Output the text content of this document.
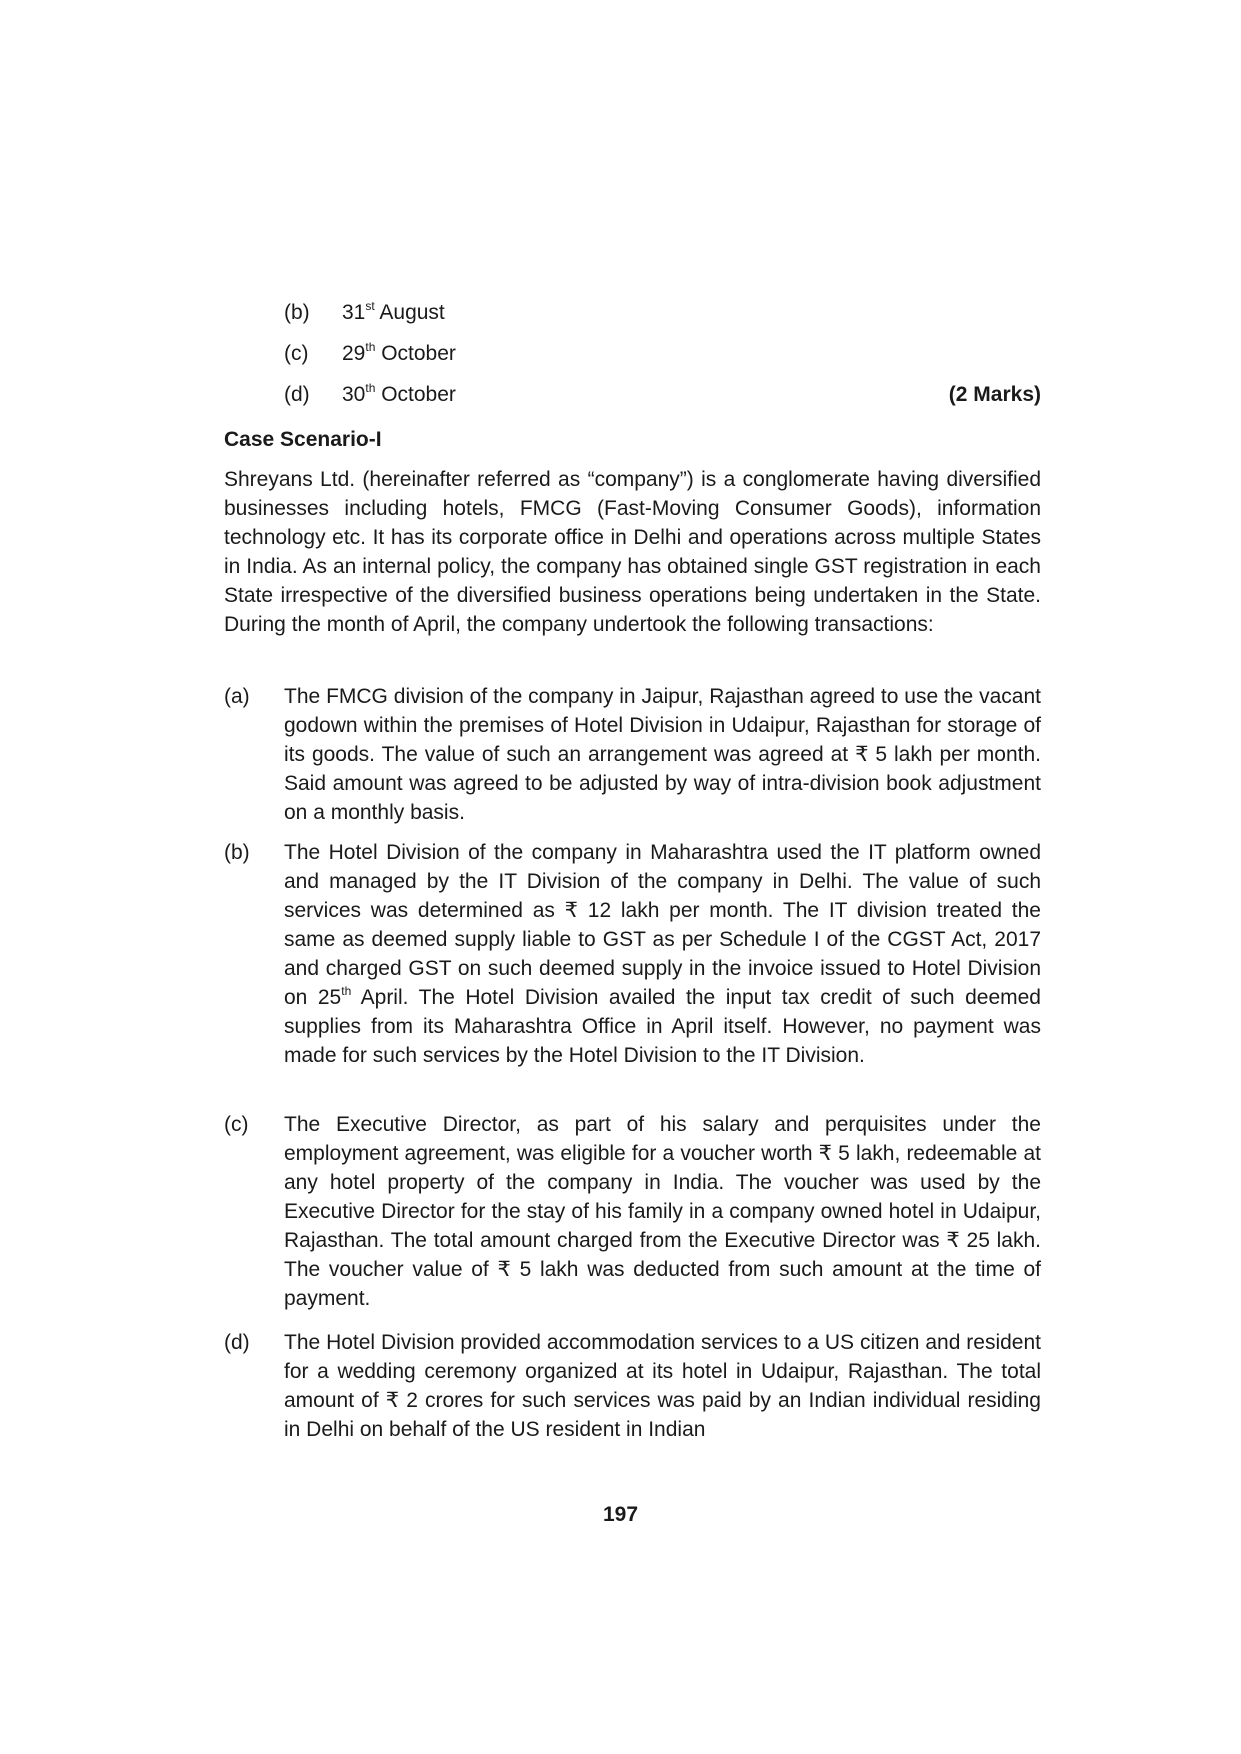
(b) 31st August
(c) 29th October
(d) 30th October	(2 Marks)
Case Scenario-I
Shreyans Ltd. (hereinafter referred as “company”) is a conglomerate having diversified businesses including hotels, FMCG (Fast-Moving Consumer Goods), information technology etc. It has its corporate office in Delhi and operations across multiple States in India. As an internal policy, the company has obtained single GST registration in each State irrespective of the diversified business operations being undertaken in the State. During the month of April, the company undertook the following transactions:
(a) The FMCG division of the company in Jaipur, Rajasthan agreed to use the vacant godown within the premises of Hotel Division in Udaipur, Rajasthan for storage of its goods. The value of such an arrangement was agreed at ₹ 5 lakh per month. Said amount was agreed to be adjusted by way of intra-division book adjustment on a monthly basis.
(b) The Hotel Division of the company in Maharashtra used the IT platform owned and managed by the IT Division of the company in Delhi. The value of such services was determined as ₹ 12 lakh per month. The IT division treated the same as deemed supply liable to GST as per Schedule I of the CGST Act, 2017 and charged GST on such deemed supply in the invoice issued to Hotel Division on 25th April. The Hotel Division availed the input tax credit of such deemed supplies from its Maharashtra Office in April itself. However, no payment was made for such services by the Hotel Division to the IT Division.
(c) The Executive Director, as part of his salary and perquisites under the employment agreement, was eligible for a voucher worth ₹ 5 lakh, redeemable at any hotel property of the company in India. The voucher was used by the Executive Director for the stay of his family in a company owned hotel in Udaipur, Rajasthan. The total amount charged from the Executive Director was ₹ 25 lakh. The voucher value of ₹ 5 lakh was deducted from such amount at the time of payment.
(d) The Hotel Division provided accommodation services to a US citizen and resident for a wedding ceremony organized at its hotel in Udaipur, Rajasthan. The total amount of ₹ 2 crores for such services was paid by an Indian individual residing in Delhi on behalf of the US resident in Indian
197
